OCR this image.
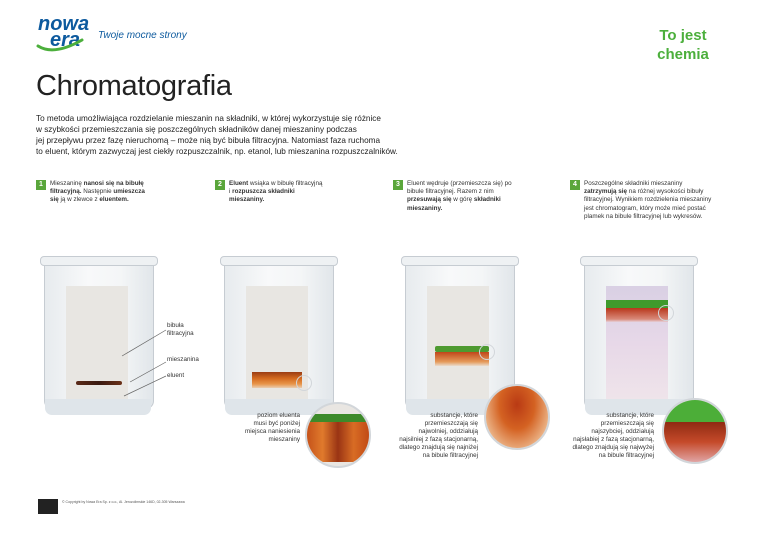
nowa
era Twoje mocne strony	To jest
chemia
Chromatografia
To metoda umożliwiająca rozdzielanie mieszanin na składniki, w której wykorzystuje się różnice
w szybkości przemieszczania się poszczególnych składników danej mieszaniny podczas
jej przepływu przez fazę nieruchomą – może nią być bibuła filtracyjna. Natomiast faza ruchoma
to eluent, którym zazwyczaj jest ciekły rozpuszczalnik, np. etanol, lub mieszanina rozpuszczalników.
1	Mieszaninę nanosi się na bibułę filtracyjną. Następnie umieszcza się ją w zlewce z eluentem.
2	Eluent wsiąka w bibułę filtracyjną i rozpuszcza składniki mieszaniny.
3	Eluent wędruje (przemieszcza się) po bibule filtracyjnej. Razem z nim przesuwają się w górę składniki mieszaniny.
4	Poszczególne składniki mieszaniny zatrzymują się na różnej wysokości bibuły filtracyjnej. Wynikiem rozdzielenia mieszaniny jest chromatogram, który może mieć postać plamek na bibule filtracyjnej lub wykresów.
bibuła filtracyjna
mieszanina
eluent
poziom eluenta musi być poniżej miejsca naniesienia mieszaniny
substancje, które przemieszczają się najwolniej, oddziałują najsilniej z fazą stacjonarną, dlatego znajdują się najniżej na bibule filtracyjnej
substancje, które przemieszczają się najszybciej, oddziałują najsłabiej z fazą stacjonarną, dlatego znajdują się najwyżej na bibule filtracyjnej
© Copyright by Nowa Era Sp. z o.o., Al. Jerozolimskie 146D, 02-305 Warszawa
